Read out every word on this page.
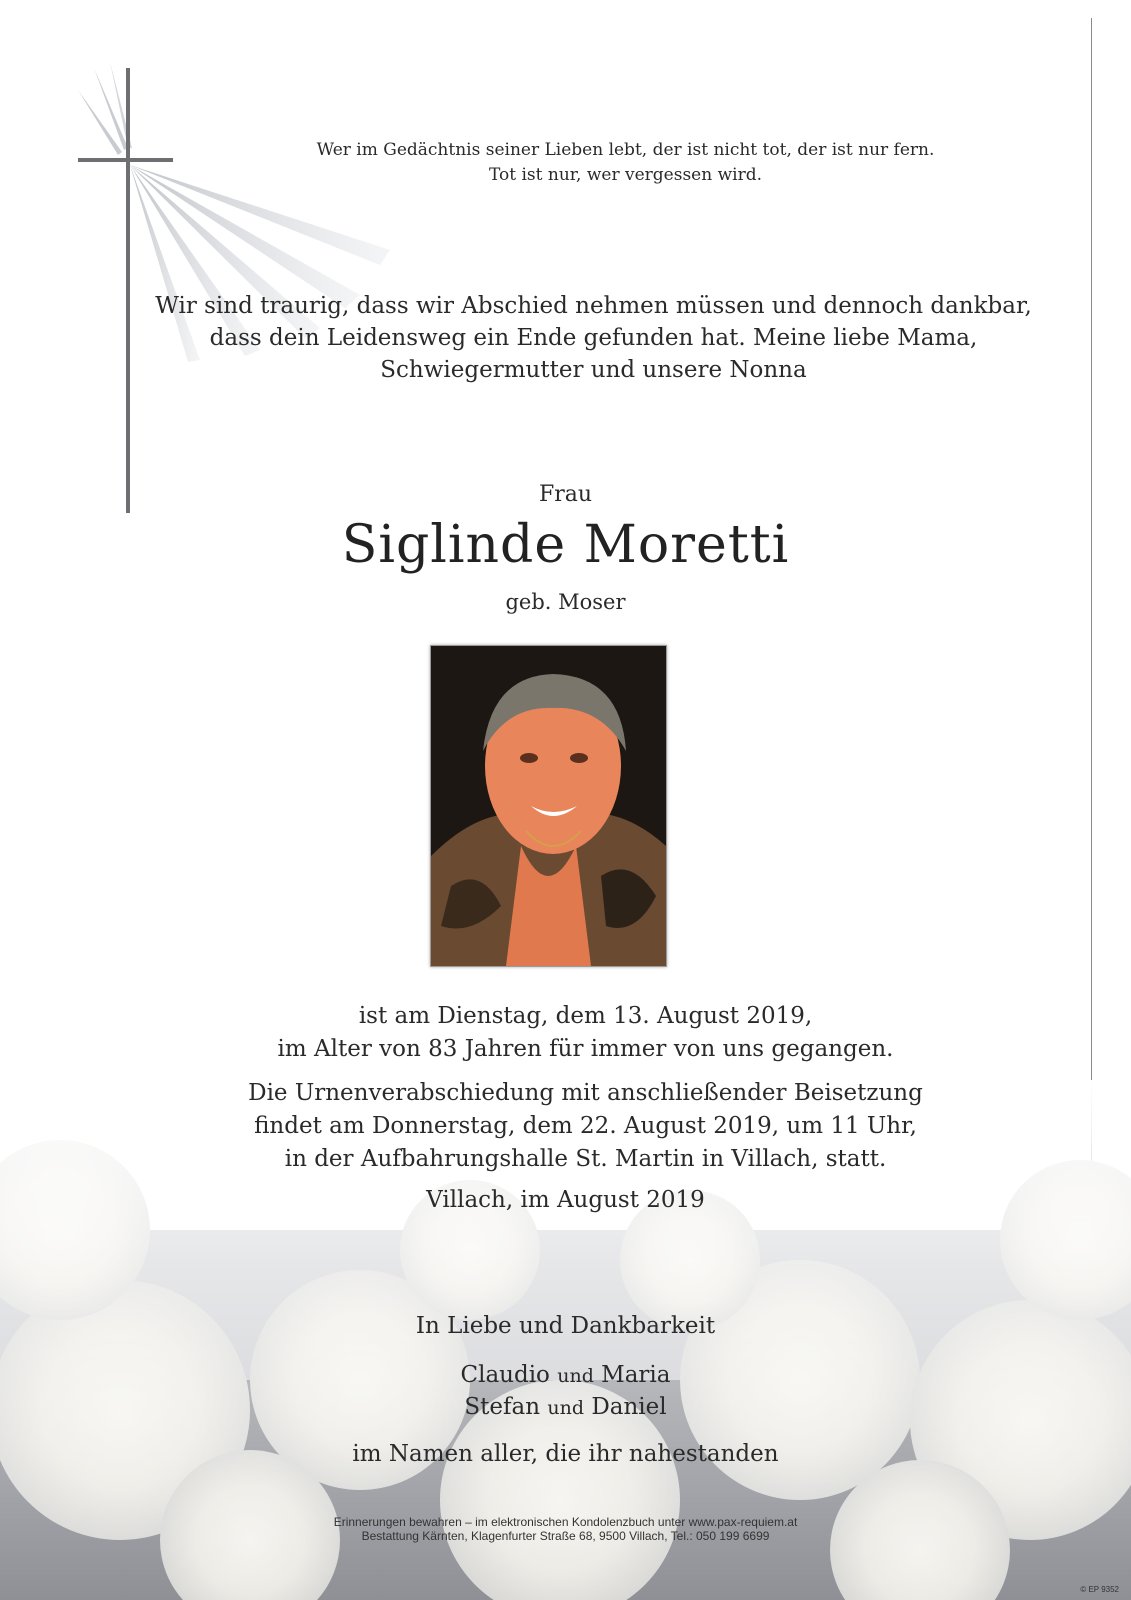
Wer im Gedächtnis seiner Lieben lebt, der ist nicht tot, der ist nur fern.
Tot ist nur, wer vergessen wird.
Wir sind traurig, dass wir Abschied nehmen müssen und dennoch dankbar,
dass dein Leidensweg ein Ende gefunden hat. Meine liebe Mama,
Schwiegermutter und unsere Nonna
Frau
Siglinde Moretti
geb. Moser
ist am Dienstag, dem 13. August 2019,
im Alter von 83 Jahren für immer von uns gegangen.
Die Urnenverabschiedung mit anschließender Beisetzung
findet am Donnerstag, dem 22. August 2019, um 11 Uhr,
in der Aufbahrungshalle St. Martin in Villach, statt.
Villach, im August 2019
In Liebe und Dankbarkeit
Claudio und Maria
Stefan und Daniel
im Namen aller, die ihr nahestanden
Erinnerungen bewahren – im elektronischen Kondolenzbuch unter www.pax-requiem.at
Bestattung Kärnten, Klagenfurter Straße 68, 9500 Villach, Tel.: 050 199 6699
© EP 9352
